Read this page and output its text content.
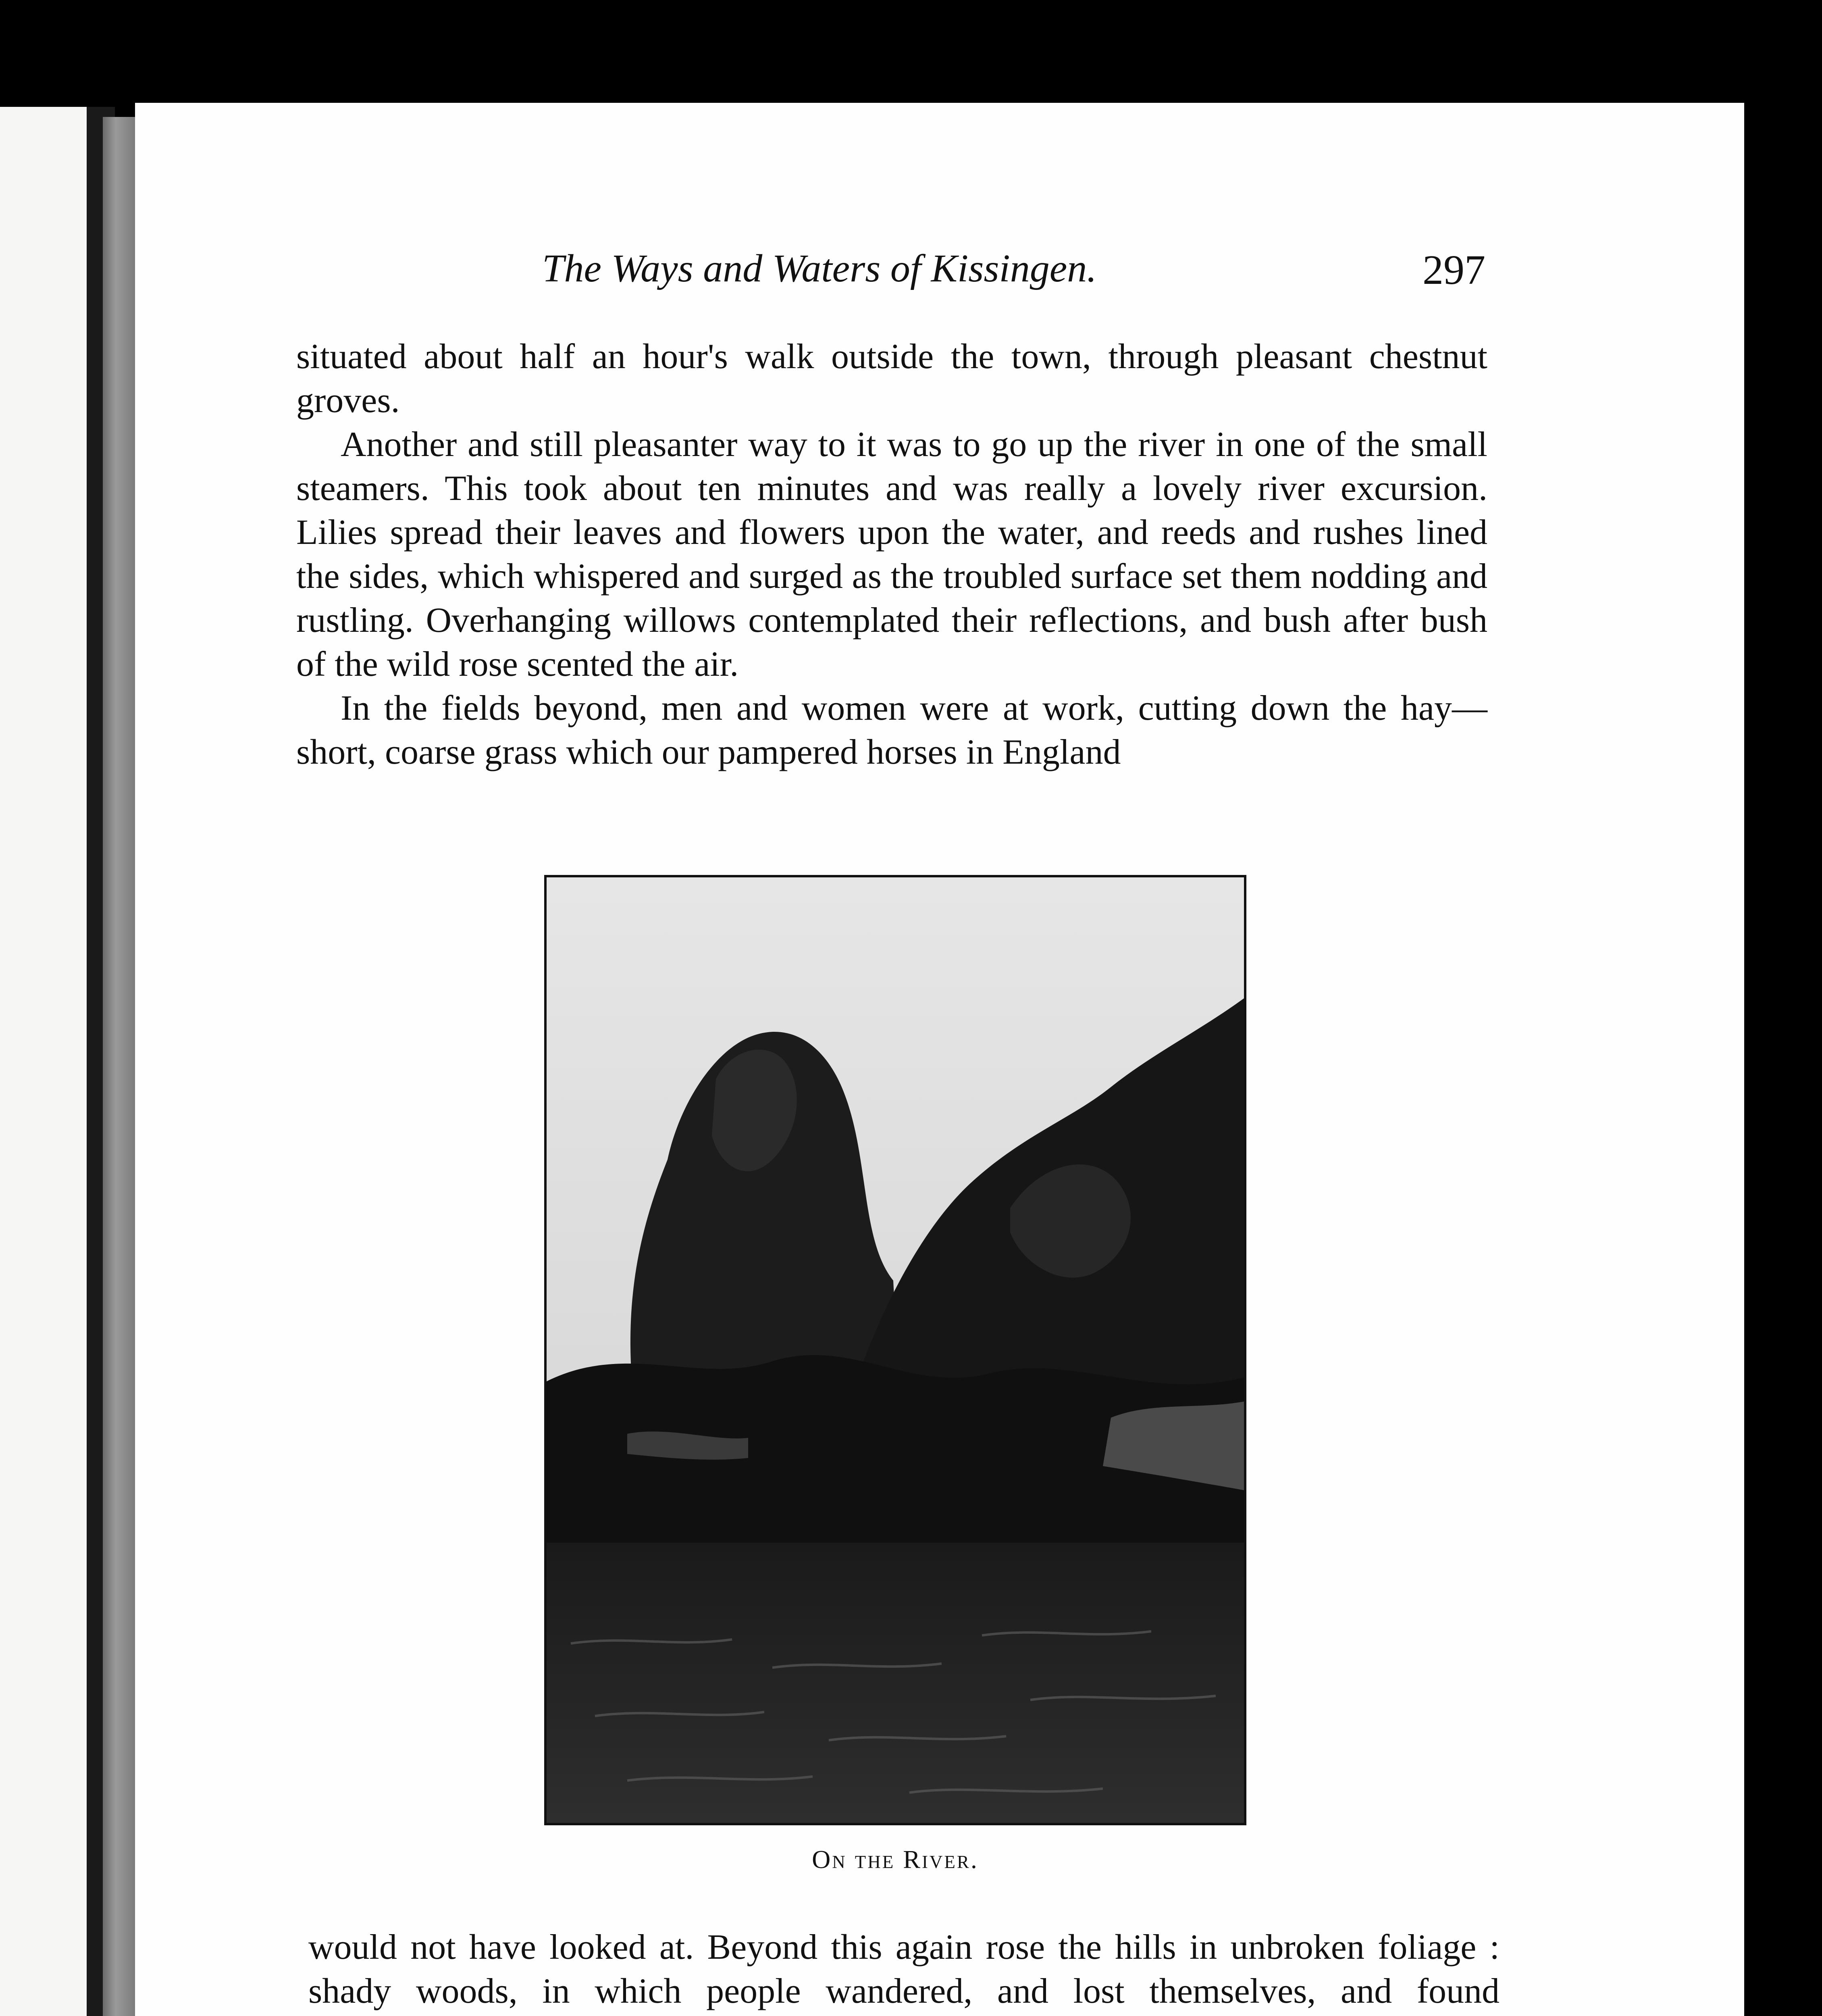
The Ways and Waters of Kissingen.	297

situated about half an hour's walk outside the town, through pleasant chestnut groves.

Another and still pleasanter way to it was to go up the river in one of the small steamers. This took about ten minutes and was really a lovely river excursion. Lilies spread their leaves and flowers upon the water, and reeds and rushes lined the sides, which whispered and surged as the troubled surface set them nodding and rustling. Overhanging willows contemplated their reflections, and bush after bush of the wild rose scented the air.

In the fields beyond, men and women were at work, cutting down the hay—short, coarse grass which our pampered horses in England

On the River.

would not have looked at. Beyond this again rose the hills in unbroken foliage : shady woods, in which people wandered, and lost themselves, and found
